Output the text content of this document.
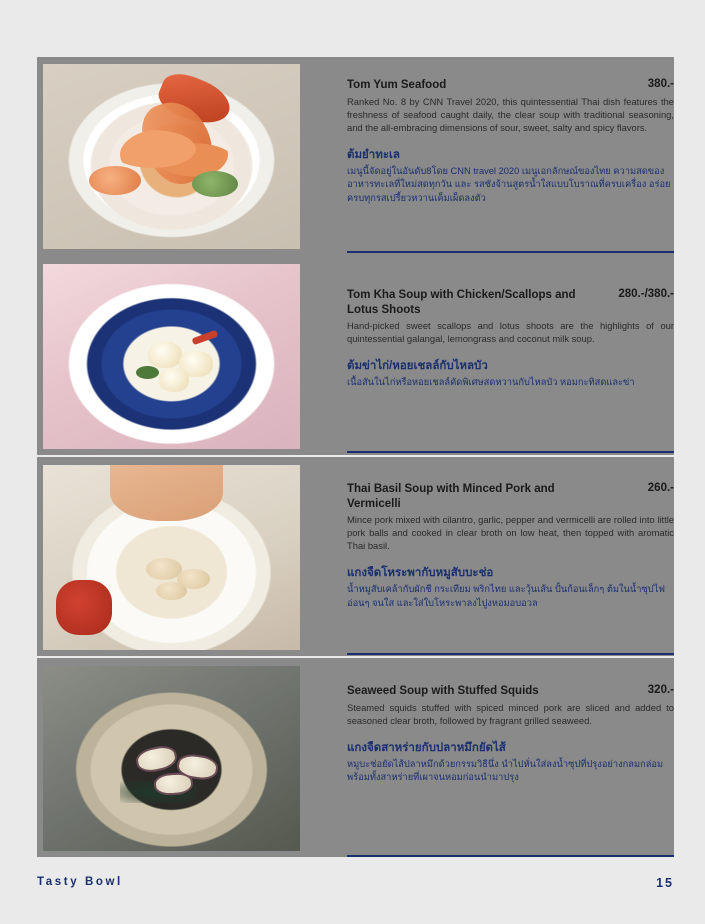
Tom Yum Seafood	380.-
Ranked No. 8 by CNN Travel 2020, this quintessential Thai dish features the freshness of seafood caught daily, the clear soup with traditional seasoning, and the all-embracing dimensions of sour, sweet, salty and spicy flavors.
ต้มยำทะเล
เมนูนี้จัดอยู่ในอันดับ8โดย CNN travel 2020 เมนูเอกลักษณ์ของไทย ความสดของอาหารทะเลที่ใหม่สดทุกวัน และ รสชังจ้านสูตรน้ำใสแบบโบราณที่ครบเครื่อง อร่อยครบทุกรสเปรี้ยวหวานเค็มเผ็ดลงตัว
Tom Kha Soup with Chicken/Scallops and Lotus Shoots
280.-/380.-
Hand-picked sweet scallops and lotus shoots are the highlights of our quintessential galangal, lemongrass and coconut milk soup.
ต้มข่าไก่/หอยเชลล์กับไหลบัว
เนื้อสันในไก่หรือหอยเชลล์คัดพิเศษสดหวานกับไหลบัว หอมกะทิสดและข่า
Thai Basil Soup with Minced Pork and Vermicelli
260.-
Mince pork mixed with cilantro, garlic, pepper and vermicelli are rolled into little pork balls and cooked in clear broth on low heat, then topped with aromatic Thai basil.
แกงจืดโหระพากับหมูสับบะช่อ
น้ำหมูสับเคล้ากับผักชี กระเทียม พริกไทย และวุ้นเส้น ปั้นก้อนเล็กๆ ต้มในน้ำซุปไฟอ่อนๆ จนใส และใส่ใบโหระพาลงไปูงหอมอบอวล
Seaweed Soup with Stuffed Squids	320.-
Steamed squids stuffed with spiced minced pork are sliced and added to seasoned clear broth, followed by fragrant grilled seaweed.
แกงจืดสาหร่ายกับปลาหมึกยัดไส้
หมูบะช่อยัดไส้ปลาหมึกด้วยกรรมวิธีนึ่ง นำไปหั่นใส่ลงน้ำซุปที่ปรุงอย่างกลมกล่อม พร้อมทั้งสาหร่ายที่เผาจนหอมก่อนนำมาปรุง
Tasty Bowl	15
